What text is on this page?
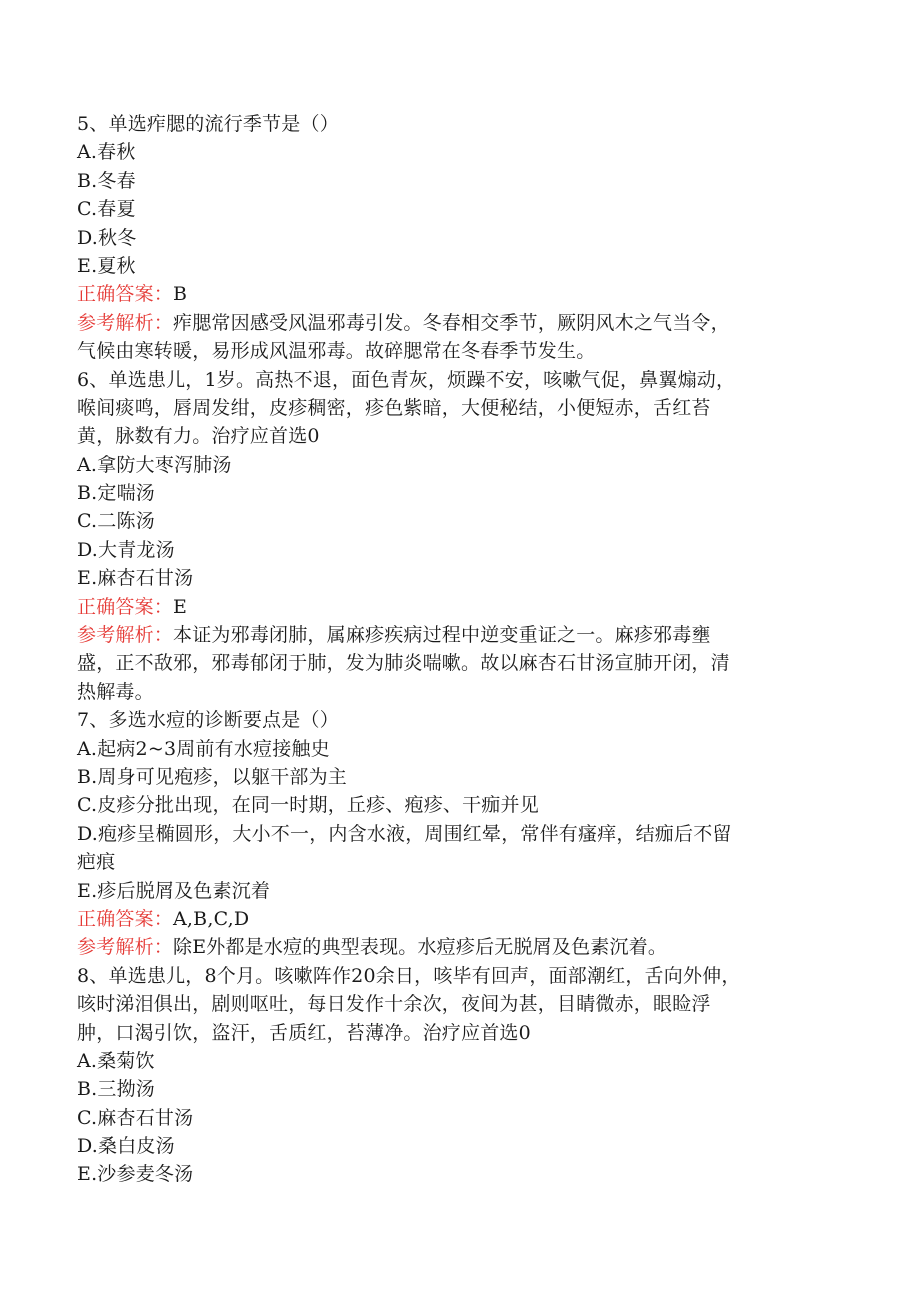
5、单选痄腮的流行季节是（）
A.春秋
B.冬春
C.春夏
D.秋冬
E.夏秋
正确答案：B
参考解析：痄腮常因感受风温邪毒引发。冬春相交季节，厥阴风木之气当令，
气候由寒转暖，易形成风温邪毒。故碎腮常在冬春季节发生。
6、单选患儿，1岁。高热不退，面色青灰，烦躁不安，咳嗽气促，鼻翼煽动，
喉间痰鸣，唇周发绀，皮疹稠密，疹色紫暗，大便秘结，小便短赤，舌红苔
黄，脉数有力。治疗应首选0
A.拿防大枣泻肺汤
B.定喘汤
C.二陈汤
D.大青龙汤
E.麻杏石甘汤
正确答案：E
参考解析：本证为邪毒闭肺，属麻疹疾病过程中逆变重证之一。麻疹邪毒壅
盛，正不敌邪，邪毒郁闭于肺，发为肺炎喘嗽。故以麻杏石甘汤宣肺开闭，清
热解毒。
7、多选水痘的诊断要点是（）
A.起病2~3周前有水痘接触史
B.周身可见疱疹，以躯干部为主
C.皮疹分批出现，在同一时期，丘疹、疱疹、干痂并见
D.疱疹呈椭圆形，大小不一，内含水液，周围红晕，常伴有瘙痒，结痂后不留
疤痕
E.疹后脱屑及色素沉着
正确答案：A,B,C,D
参考解析：除E外都是水痘的典型表现。水痘疹后无脱屑及色素沉着。
8、单选患儿，8个月。咳嗽阵作20余日，咳毕有回声，面部潮红，舌向外伸，
咳时涕泪俱出，剧则呕吐，每日发作十余次，夜间为甚，目睛微赤，眼睑浮
肿，口渴引饮，盗汗，舌质红，苔薄净。治疗应首选0
A.桑菊饮
B.三拗汤
C.麻杏石甘汤
D.桑白皮汤
E.沙参麦冬汤
